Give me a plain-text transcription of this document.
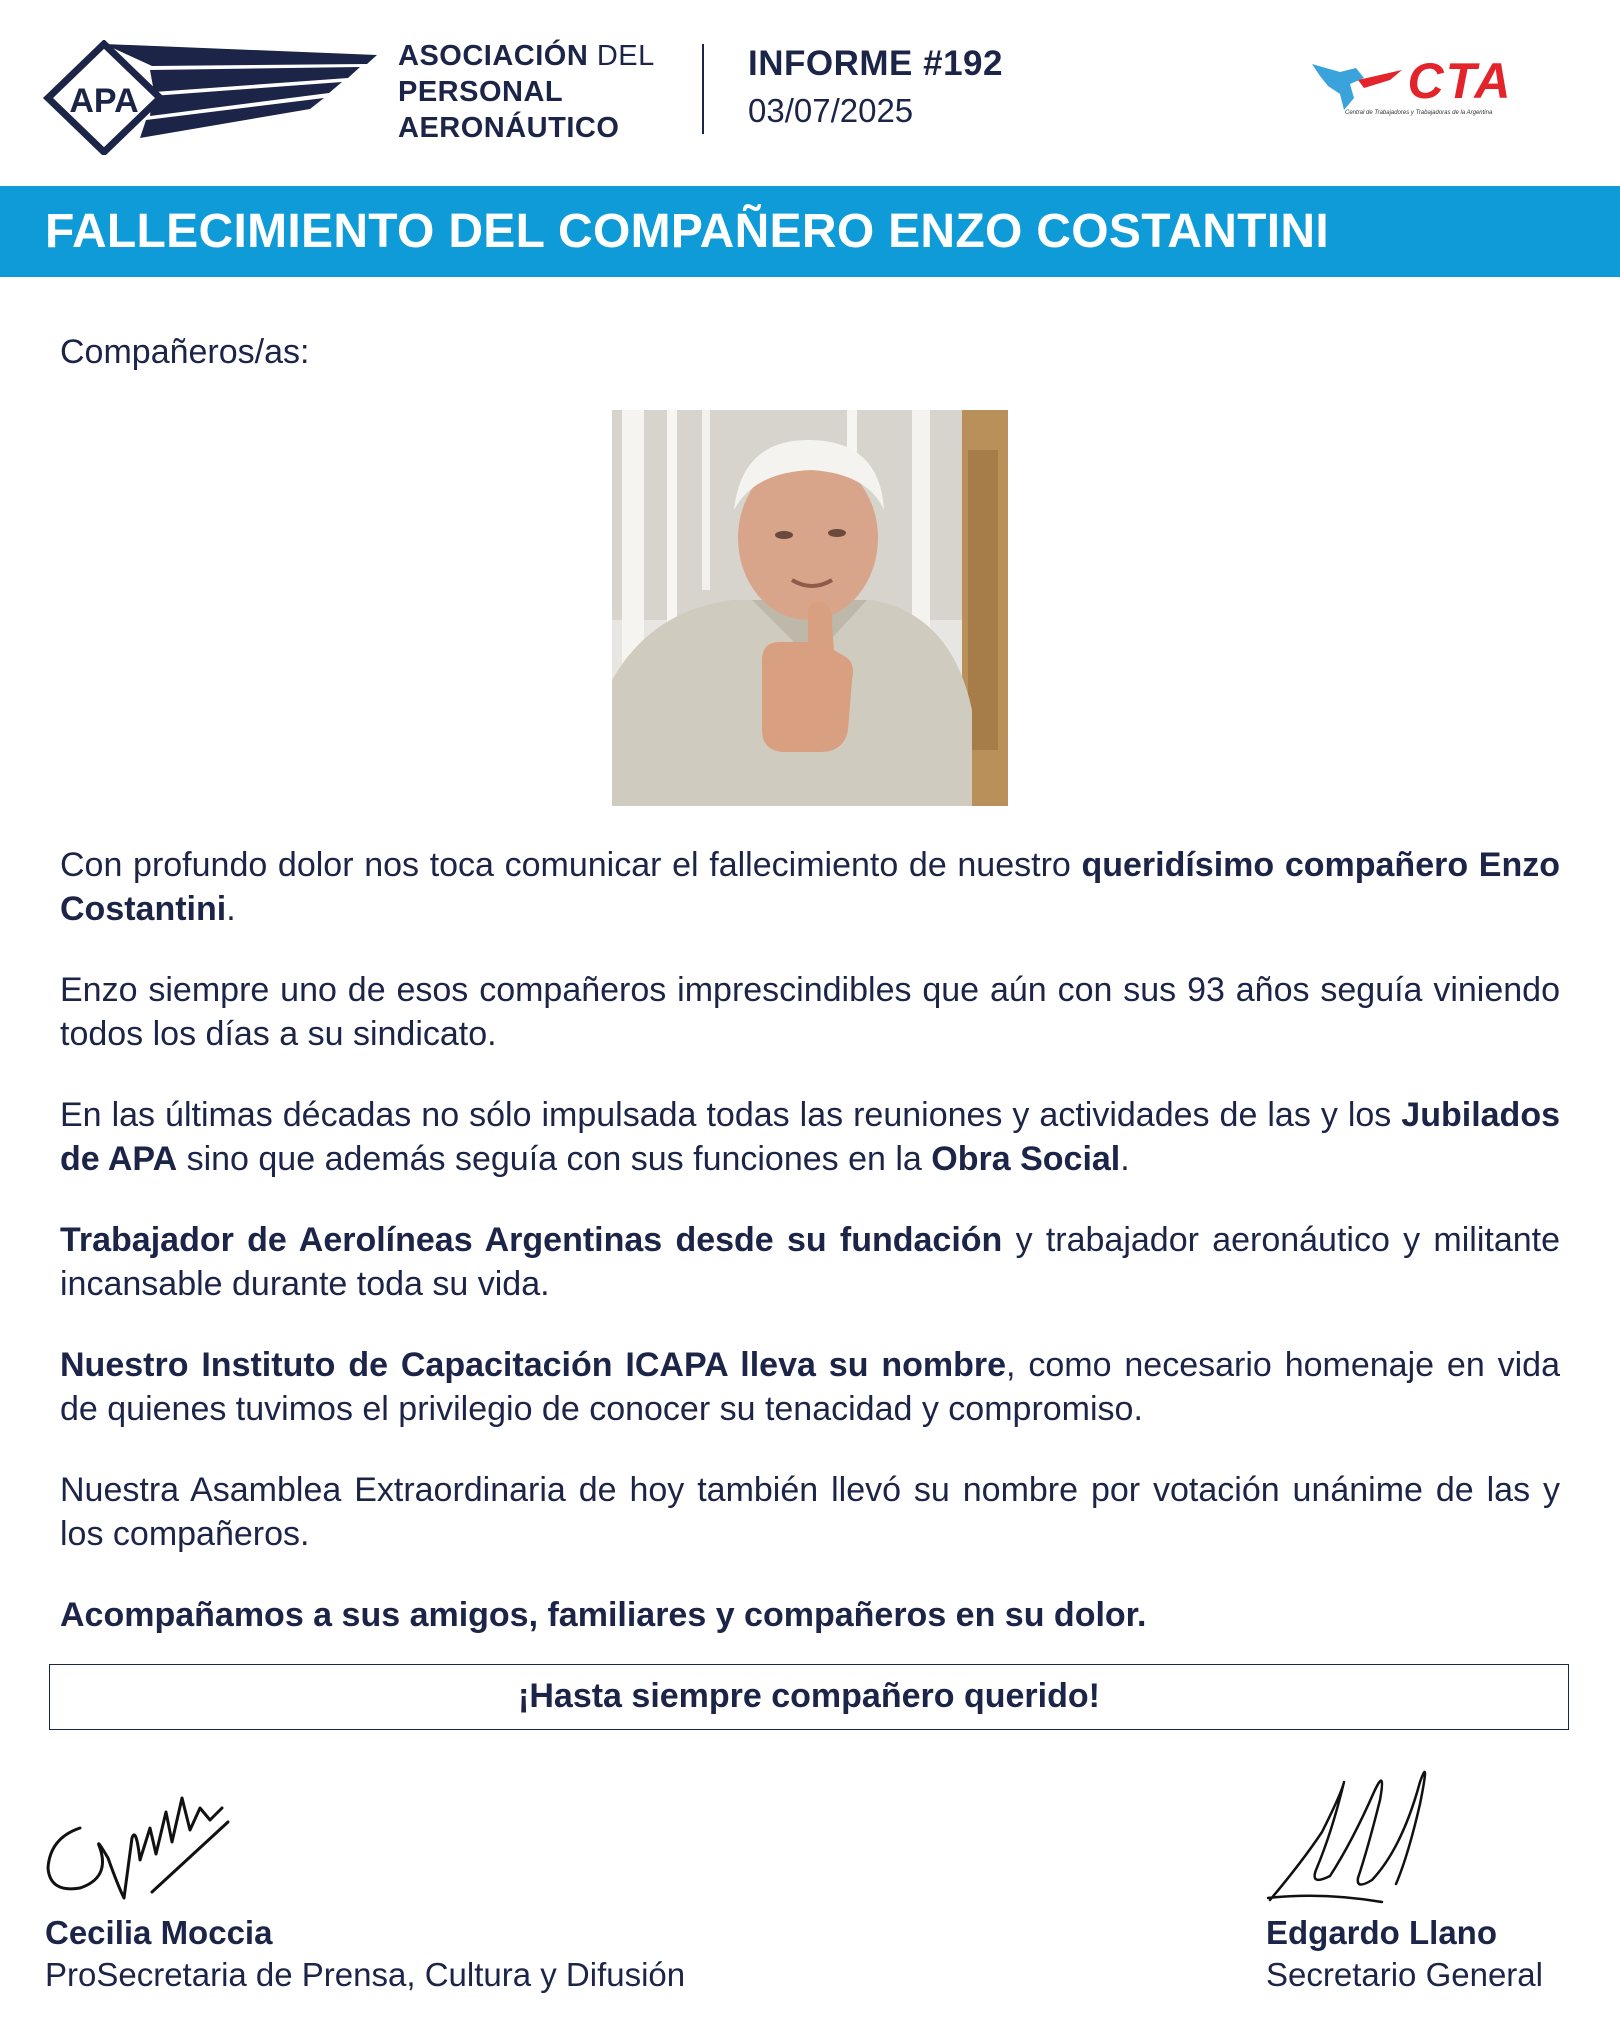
APA
ASOCIACIÓN DEL
PERSONAL
AERONÁUTICO
INFORME #192
03/07/2025
CTA
Central de Trabajadores y Trabajadoras de la Argentina
FALLECIMIENTO DEL COMPAÑERO ENZO COSTANTINI
Compañeros/as:

Con profundo dolor nos toca comunicar el fallecimiento de nuestro queridísimo compañero Enzo Costantini.

Enzo siempre uno de esos compañeros imprescindibles que aún con sus 93 años seguía viniendo todos los días a su sindicato.

En las últimas décadas no sólo impulsada todas las reuniones y actividades de las y los Jubilados de APA sino que además seguía con sus funciones en la Obra Social.

Trabajador de Aerolíneas Argentinas desde su fundación y trabajador aeronáutico y militante incansable durante toda su vida.

Nuestro Instituto de Capacitación ICAPA lleva su nombre, como necesario homenaje en vida de quienes tuvimos el privilegio de conocer su tenacidad y compromiso.

Nuestra Asamblea Extraordinaria de hoy también llevó su nombre por votación unánime de las y los compañeros.

Acompañamos a sus amigos, familiares y compañeros en su dolor.

¡Hasta siempre compañero querido!
Cecilia Moccia
ProSecretaria de Prensa, Cultura y Difusión
Edgardo Llano
Secretario General
